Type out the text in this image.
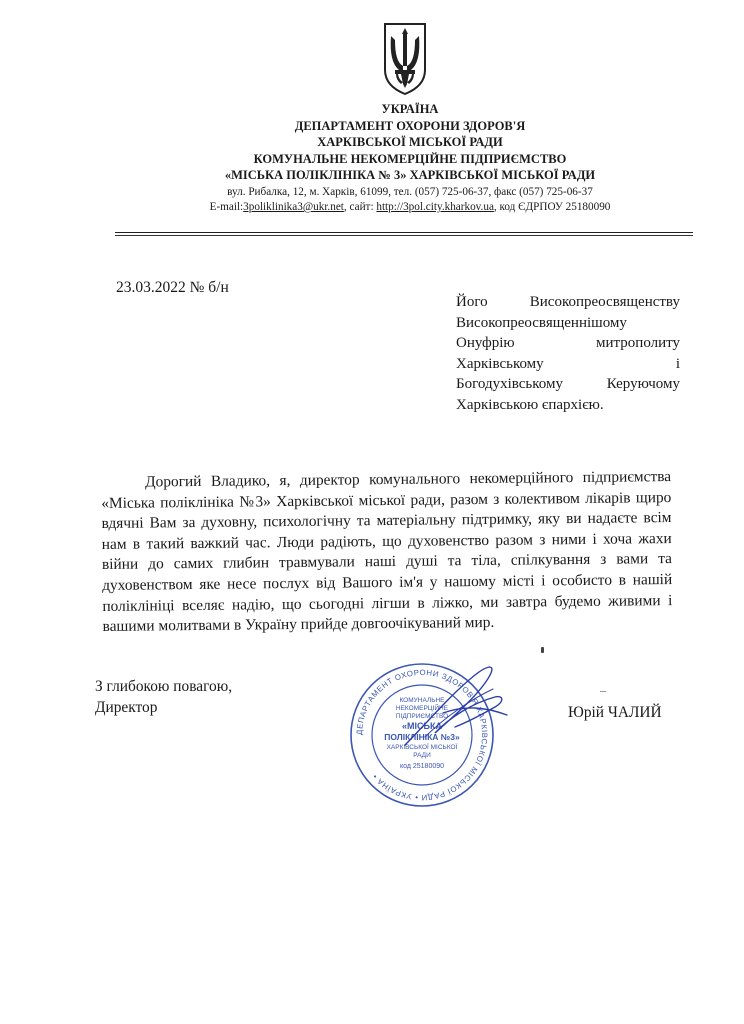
УКРАЇНА
ДЕПАРТАМЕНТ ОХОРОНИ ЗДОРОВ'Я
ХАРКІВСЬКОЇ МІСЬКОЇ РАДИ
КОМУНАЛЬНЕ НЕКОМЕРЦІЙНЕ ПІДПРИЄМСТВО
«МІСЬКА ПОЛІКЛІНІКА № 3» ХАРКІВСЬКОЇ МІСЬКОЇ РАДИ
вул. Рибалка, 12, м. Харків, 61099, тел. (057) 725-06-37, факс (057) 725-06-37
E-mail:3poliklinika3@ukr.net, сайт: http://3pol.city.kharkov.ua, код ЄДРПОУ 25180090
23.03.2022 № б/н
Його	Високопреосвященству
Високопреосвященнішому
Онуфрію	митрополиту
Харківському	і
Богодухівському	Керуючому
Харківською єпархією.
Дорогий Владико, я, директор комунального некомерційного підприємства «Міська поліклініка №3» Харківської міської ради, разом з колективом лікарів щиро вдячні Вам за духовну, психологічну та матеріальну підтримку, яку ви надаєте всім нам в такий важкий час. Люди радіють, що духовенство разом з ними і хоча жахи війни до самих глибин травмували наші душі та тіла, спілкування з вами та духовенством яке несе послух від Вашого ім'я у нашому місті і особисто в нашій поліклініці вселяє надію, що сьогодні лігши в ліжко, ми завтра будемо живими і вашими молитвами в Україну прийде довгоочікуваний мир.
З глибокою повагою,
Директор
–
Юрій ЧАЛИЙ
ДЕПАРТАМЕНТ ОХОРОНИ ЗДОРОВ'Я ХАРКІВСЬКОЇ МІСЬКОЇ РАДИ • УКРАЇНА •
КОМУНАЛЬНЕ
НЕКОМЕРЦІЙНЕ
ПІДПРИЄМСТВО
«МІСЬКА
ПОЛІКЛІНІКА №3»
ХАРКІВСЬКОЇ МІСЬКОЇ
РАДИ
код 25180090
